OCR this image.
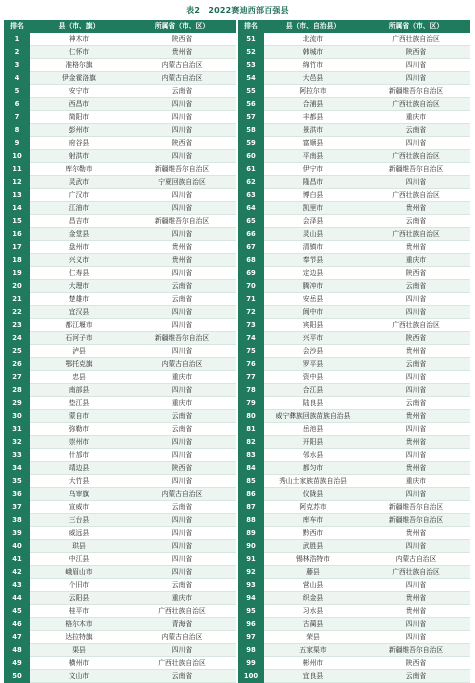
表2　2022赛迪西部百强县
排名	县（市、旗）	所属省（市、区）
1	神木市	陕西省
2	仁怀市	贵州省
3	准格尔旗	内蒙古自治区
4	伊金霍洛旗	内蒙古自治区
5	安宁市	云南省
6	西昌市	四川省
7	简阳市	四川省
8	彭州市	四川省
9	府谷县	陕西省
10	射洪市	四川省
11	库尔勒市	新疆维吾尔自治区
12	灵武市	宁夏回族自治区
13	广汉市	四川省
14	江油市	四川省
15	昌吉市	新疆维吾尔自治区
16	金堂县	四川省
17	盘州市	贵州省
18	兴义市	贵州省
19	仁寿县	四川省
20	大理市	云南省
21	楚雄市	云南省
22	宜汉县	四川省
23	都江堰市	四川省
24	石河子市	新疆维吾尔自治区
25	泸县	四川省
26	鄂托克旗	内蒙古自治区
27	忠县	重庆市
28	南部县	四川省
29	垫江县	重庆市
30	蒙自市	云南省
31	弥勒市	云南省
32	崇州市	四川省
33	什邡市	四川省
34	靖边县	陕西省
35	大竹县	四川省
36	乌审旗	内蒙古自治区
37	宣威市	云南省
38	三台县	四川省
39	威远县	四川省
40	珙县	四川省
41	中江县	四川省
42	峨眉山市	四川省
43	个旧市	云南省
44	云阳县	重庆市
45	桂平市	广西壮族自治区
46	格尔木市	青海省
47	达拉特旗	内蒙古自治区
48	渠县	四川省
49	横州市	广西壮族自治区
50	文山市	云南省
排名	县（市、自治县）	所属省（市、区）
51	北流市	广西壮族自治区
52	韩城市	陕西省
53	绵竹市	四川省
54	大邑县	四川省
55	阿拉尔市	新疆维吾尔自治区
56	合浦县	广西壮族自治区
57	丰都县	重庆市
58	景洪市	云南省
59	富顺县	四川省
60	平南县	广西壮族自治区
61	伊宁市	新疆维吾尔自治区
62	隆昌市	四川省
63	博白县	广西壮族自治区
64	凯里市	贵州省
65	会泽县	云南省
66	灵山县	广西壮族自治区
67	清镇市	贵州省
68	奉节县	重庆市
69	定边县	陕西省
70	腾冲市	云南省
71	安岳县	四川省
72	阆中市	四川省
73	宾阳县	广西壮族自治区
74	兴平市	陕西省
75	会沙县	贵州省
76	罗平县	云南省
77	资中县	四川省
78	合江县	四川省
79	陆良县	云南省
80	威宁彝族回族苗族自治县	贵州省
81	岳池县	四川省
82	开阳县	贵州省
83	邻水县	四川省
84	都匀市	贵州省
85	秀山土家族苗族自治县	重庆市
86	仪陇县	四川省
87	阿克苏市	新疆维吾尔自治区
88	库车市	新疆维吾尔自治区
89	黔西市	贵州省
90	武胜县	四川省
91	锡林浩特市	内蒙古自治区
92	藤县	广西壮族自治区
93	营山县	四川省
94	织金县	贵州省
95	习水县	贵州省
96	古蔺县	四川省
97	荣县	四川省
98	五家渠市	新疆维吾尔自治区
99	彬州市	陕西省
100	宜良县	云南省
